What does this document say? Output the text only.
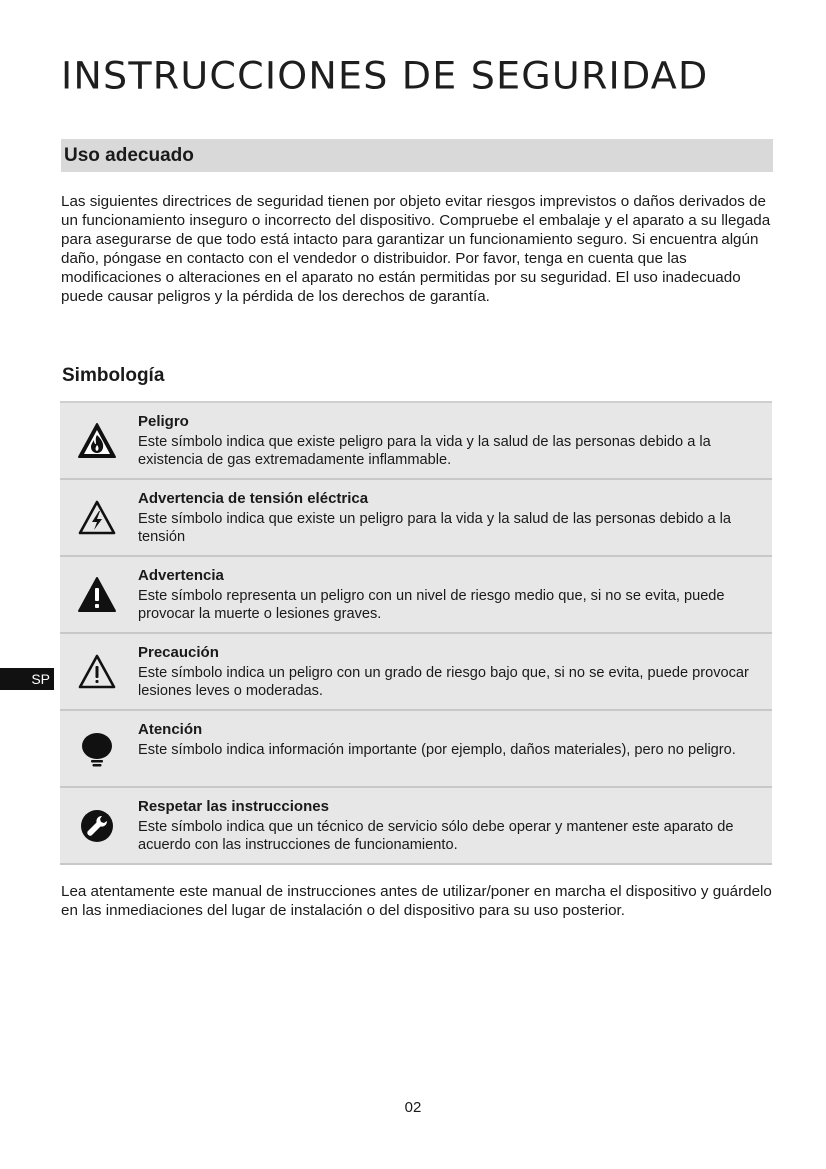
INSTRUCCIONES DE SEGURIDAD
Uso adecuado

Las siguientes directrices de seguridad tienen por objeto evitar riesgos imprevistos o daños derivados de un funcionamiento inseguro o incorrecto del dispositivo. Compruebe el embalaje y el aparato a su llegada para asegurarse de que todo está intacto para garantizar un funcionamiento seguro. Si encuentra algún daño, póngase en contacto con el vendedor o distribuidor. Por favor, tenga en cuenta que las modificaciones o alteraciones en el aparato no están permitidas por su seguridad. El uso inadecuado puede causar peligros y la pérdida de los derechos de garantía.

Simbología
Peligro
Este símbolo indica que existe peligro para la vida y la salud de las personas debido a la existencia de gas extremadamente inflammable.
Advertencia de tensión eléctrica
Este símbolo indica que existe un peligro para la vida y la salud de las personas debido a la tensión
Advertencia
Este símbolo representa un peligro con un nivel de riesgo medio que, si no se evita, puede provocar la muerte o lesiones graves.
Precaución
Este símbolo indica un peligro con un grado de riesgo bajo que, si no se evita, puede provocar lesiones leves o moderadas.
Atención
Este símbolo indica información importante (por ejemplo, daños materiales), pero no peligro.
Respetar las instrucciones
Este símbolo indica que un técnico de servicio sólo debe operar y mantener este aparato de acuerdo con las instrucciones de funcionamiento.
SP

Lea atentamente este manual de instrucciones antes de utilizar/poner en marcha el dispositivo y guárdelo en las inmediaciones del lugar de instalación o del dispositivo para su uso posterior.

02
